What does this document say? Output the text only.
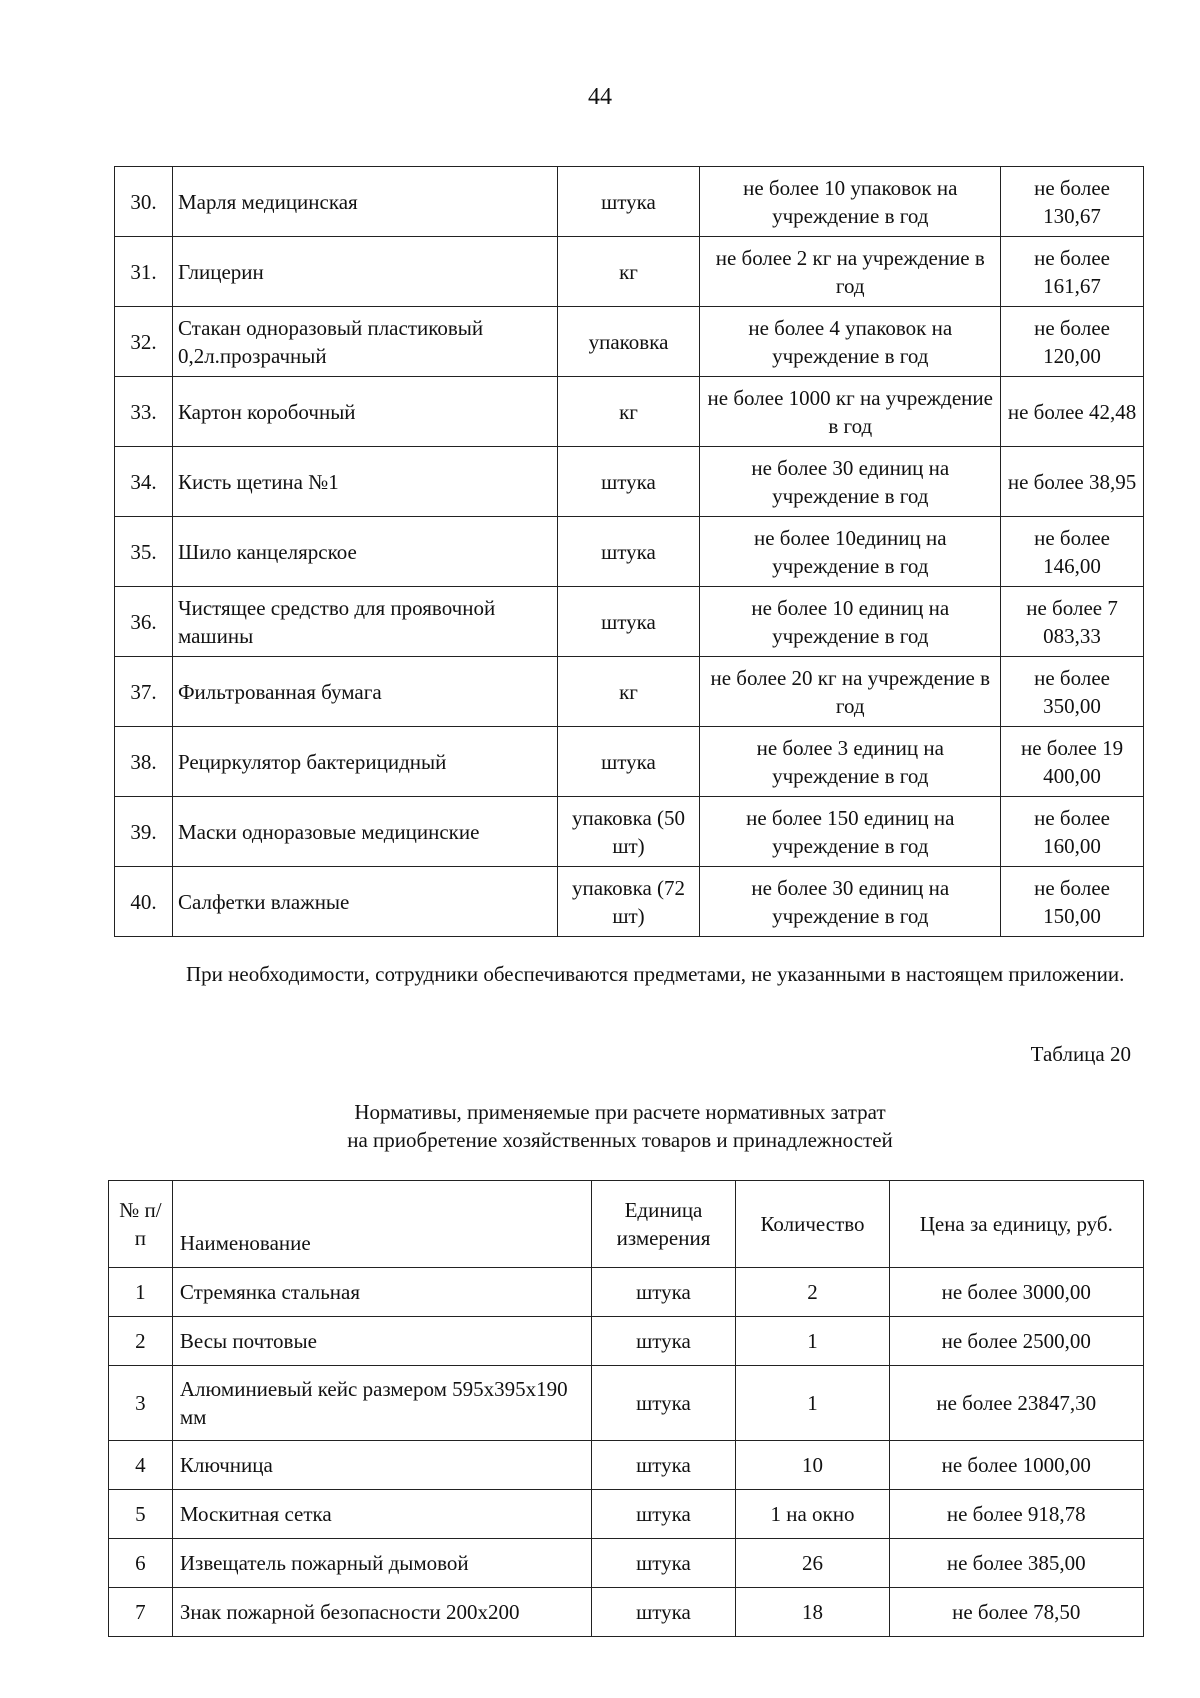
44
30.	Марля медицинская	штука	не более 10 упаковок на учреждение в год	не более 130,67
31.	Глицерин	кг	не более 2 кг на учреждение в год	не более 161,67
32.	Стакан одноразовый пластиковый 0,2л.прозрачный	упаковка	не более 4 упаковок на учреждение в год	не более 120,00
33.	Картон коробочный	кг	не более 1000 кг на учреждение в год	не более 42,48
34.	Кисть щетина №1	штука	не более 30 единиц на учреждение в год	не более 38,95
35.	Шило канцелярское	штука	не более 10единиц на учреждение в год	не более 146,00
36.	Чистящее средство для проявочной машины	штука	не более 10 единиц на учреждение в год	не более 7 083,33
37.	Фильтрованная бумага	кг	не более 20 кг на учреждение в год	не более 350,00
38.	Рециркулятор бактерицидный	штука	не более 3 единиц на учреждение в год	не более 19 400,00
39.	Маски одноразовые медицинские	упаковка (50 шт)	не более 150 единиц на учреждение в год	не более 160,00
40.	Салфетки влажные	упаковка (72 шт)	не более 30 единиц на учреждение в год	не более 150,00
При необходимости, сотрудники обеспечиваются предметами, не указанными в настоящем приложении.
Таблица 20
Нормативы, применяемые при расчете нормативных затрат
на приобретение хозяйственных товаров и принадлежностей
№ п/п	Наименование	Единица измерения	Количество	Цена за единицу, руб.
1	Стремянка стальная	штука	2	не более 3000,00
2	Весы почтовые	штука	1	не более 2500,00
3	Алюминиевый кейс размером 595х395х190 мм	штука	1	не более 23847,30
4	Ключница	штука	10	не более 1000,00
5	Москитная сетка	штука	1 на окно	не более 918,78
6	Извещатель пожарный дымовой	штука	26	не более 385,00
7	Знак пожарной безопасности 200х200	штука	18	не более 78,50
